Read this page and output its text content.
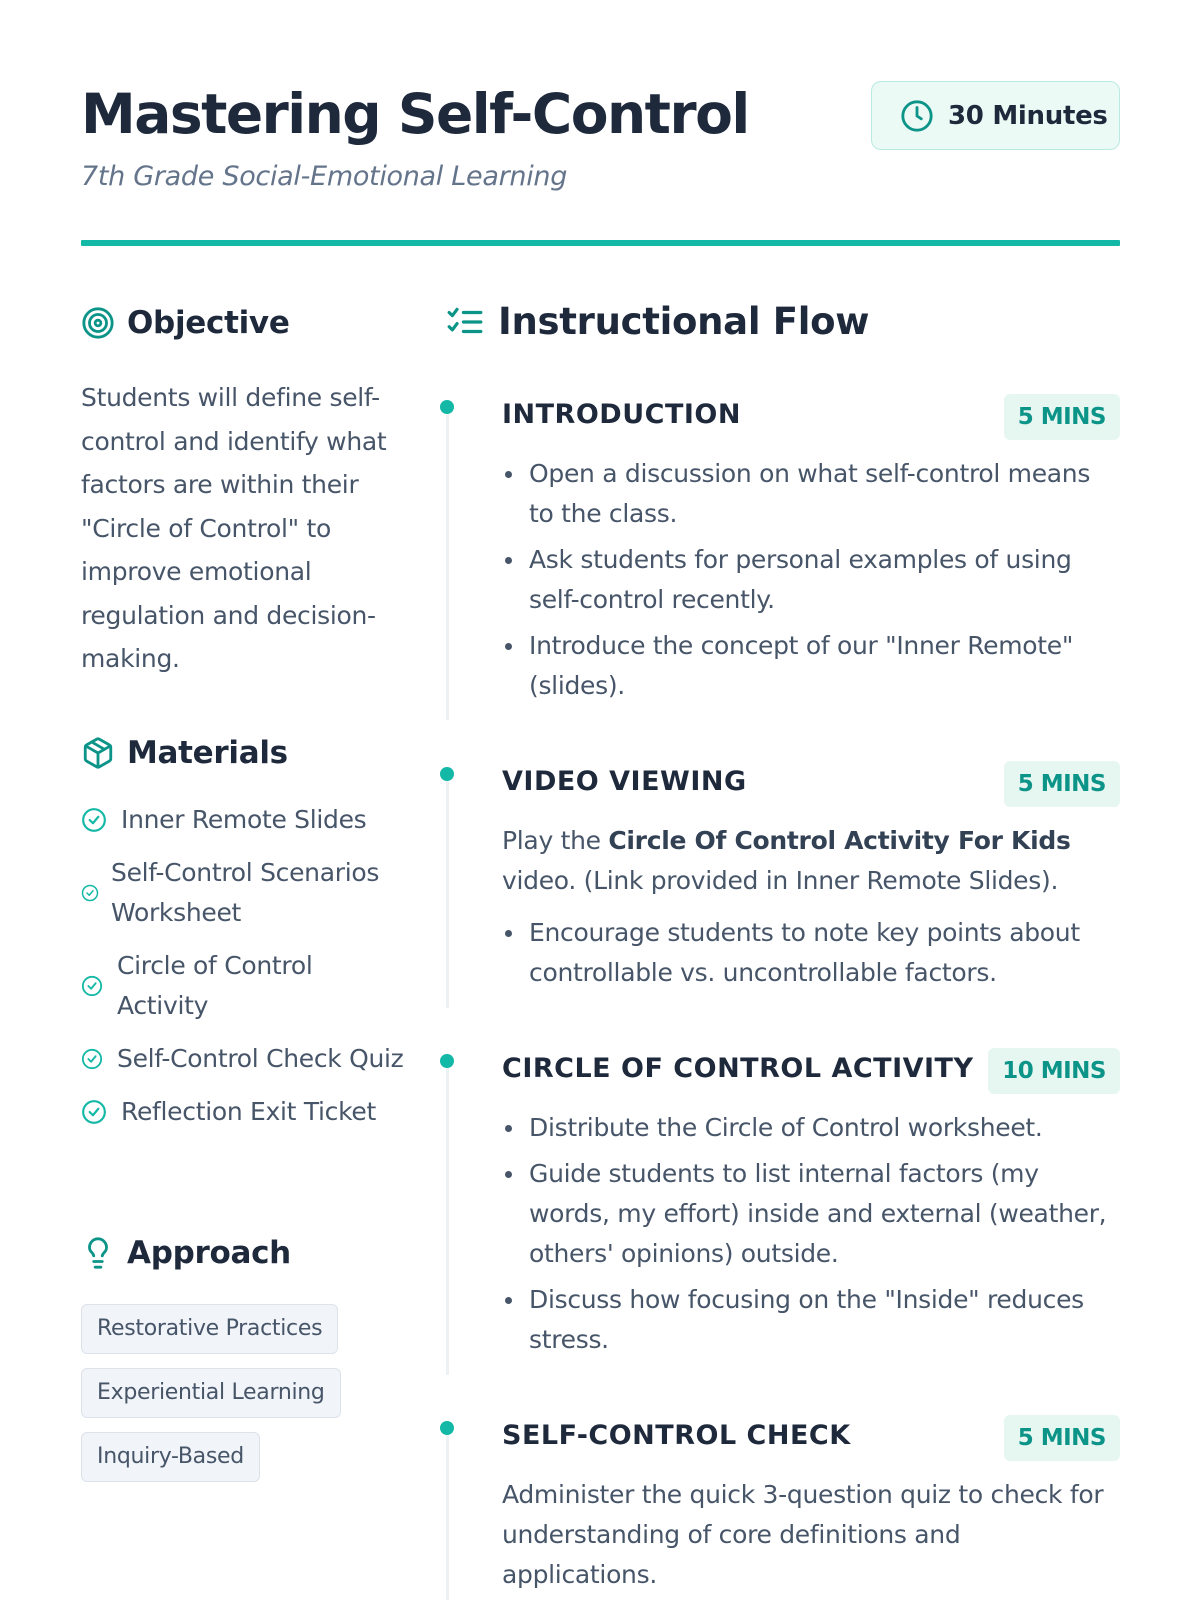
Mastering Self-Control
7th Grade Social-Emotional Learning
30 Minutes
Objective
Students will define self-control and identify what factors are within their "Circle of Control" to improve emotional regulation and decision-making.
Materials
Inner Remote Slides
Self-Control Scenarios Worksheet
Circle of Control Activity
Self-Control Check Quiz
Reflection Exit Ticket
Approach
Restorative Practices
Experiential Learning
Inquiry-Based
Instructional Flow
INTRODUCTION	5 MINS
Open a discussion on what self-control means to the class.
Ask students for personal examples of using self-control recently.
Introduce the concept of our "Inner Remote" (slides).
VIDEO VIEWING	5 MINS

Play the Circle Of Control Activity For Kids video. (Link provided in Inner Remote Slides).

Encourage students to note key points about controllable vs. uncontrollable factors.
CIRCLE OF CONTROL ACTIVITY	10 MINS
Distribute the Circle of Control worksheet.
Guide students to list internal factors (my words, my effort) inside and external (weather, others' opinions) outside.
Discuss how focusing on the "Inside" reduces stress.
SELF-CONTROL CHECK	5 MINS

Administer the quick 3-question quiz to check for understanding of core definitions and applications.
